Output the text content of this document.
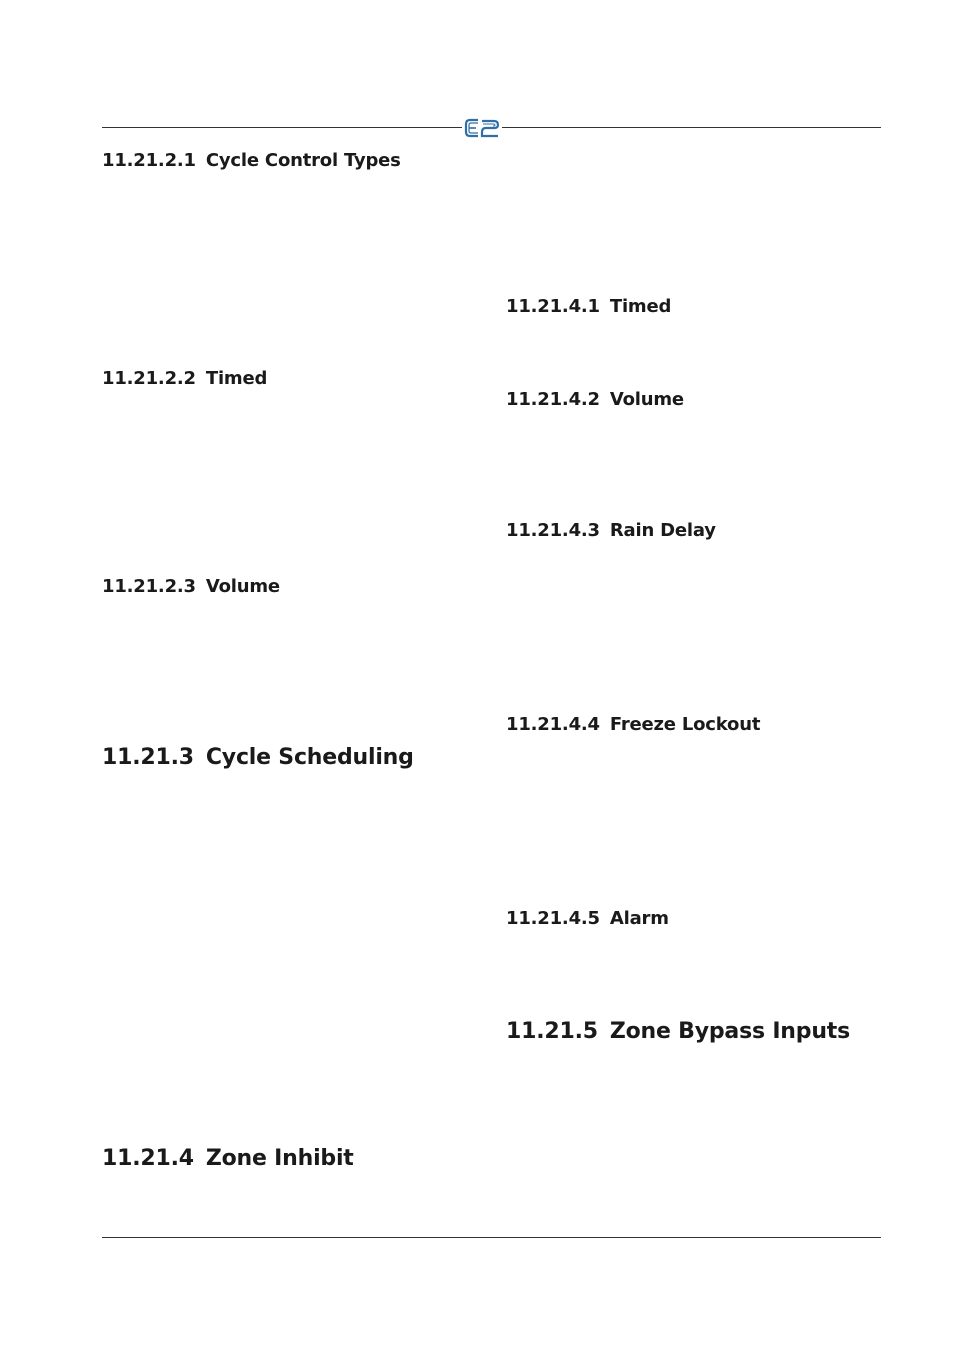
11.21.2.1 Cycle Control Types
11.21.2.2 Timed
11.21.2.3 Volume
11.21.3 Cycle Scheduling
11.21.4 Zone Inhibit
11.21.4.1 Timed
11.21.4.2 Volume
11.21.4.3 Rain Delay
11.21.4.4 Freeze Lockout
11.21.4.5 Alarm
11.21.5 Zone Bypass Inputs
